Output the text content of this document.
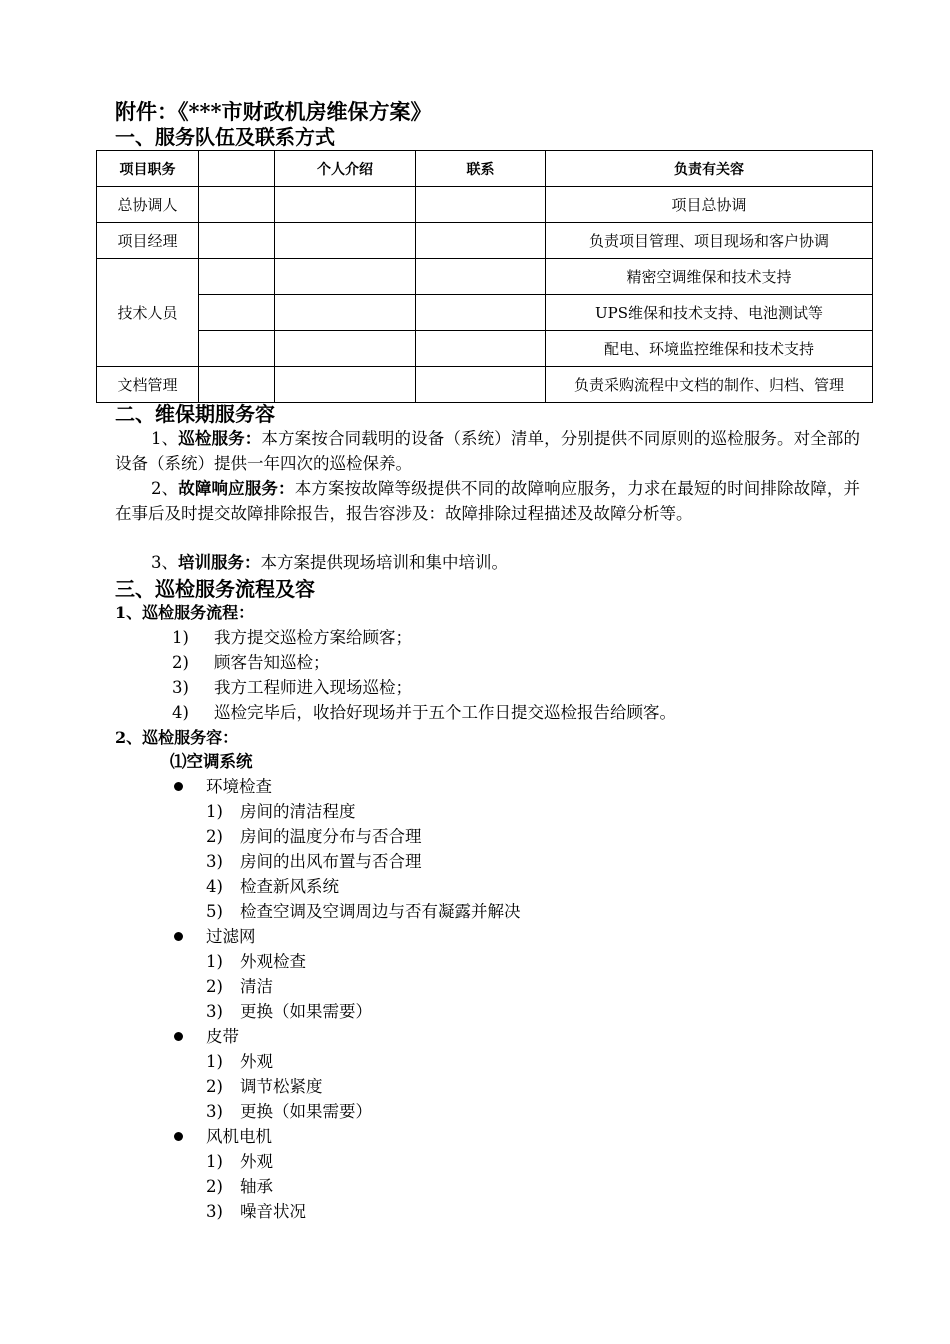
附件：《***市财政机房维保方案》
一、服务队伍及联系方式
项目职务		个人介绍	联系	负责有关容
总协调人				项目总协调
项目经理				负责项目管理、项目现场和客户协调
技术人员				精密空调维保和技术支持
				UPS维保和技术支持、电池测试等
				配电、环境监控维保和技术支持
文档管理				负责采购流程中文档的制作、归档、管理
二、维保期服务容
1、巡检服务：本方案按合同载明的设备（系统）清单，分别提供不同原则的巡检服务。对全部的设备（系统）提供一年四次的巡检保养。
2、故障响应服务：本方案按故障等级提供不同的故障响应服务，力求在最短的时间排除故障，并在事后及时提交故障排除报告，报告容涉及：故障排除过程描述及故障分析等。
3、培训服务：本方案提供现场培训和集中培训。
三、巡检服务流程及容
1、巡检服务流程：
1) 我方提交巡检方案给顾客；
2) 顾客告知巡检；
3) 我方工程师进入现场巡检；
4) 巡检完毕后，收拾好现场并于五个工作日提交巡检报告给顾客。
2、巡检服务容：
⑴空调系统
环境检查
1) 房间的清洁程度
2) 房间的温度分布与否合理
3) 房间的出风布置与否合理
4) 检查新风系统
5) 检查空调及空调周边与否有凝露并解决
过滤网
1) 外观检查
2) 清洁
3) 更换（如果需要）
皮带
1) 外观
2) 调节松紧度
3) 更换（如果需要）
风机电机
1) 外观
2) 轴承
3) 噪音状况
